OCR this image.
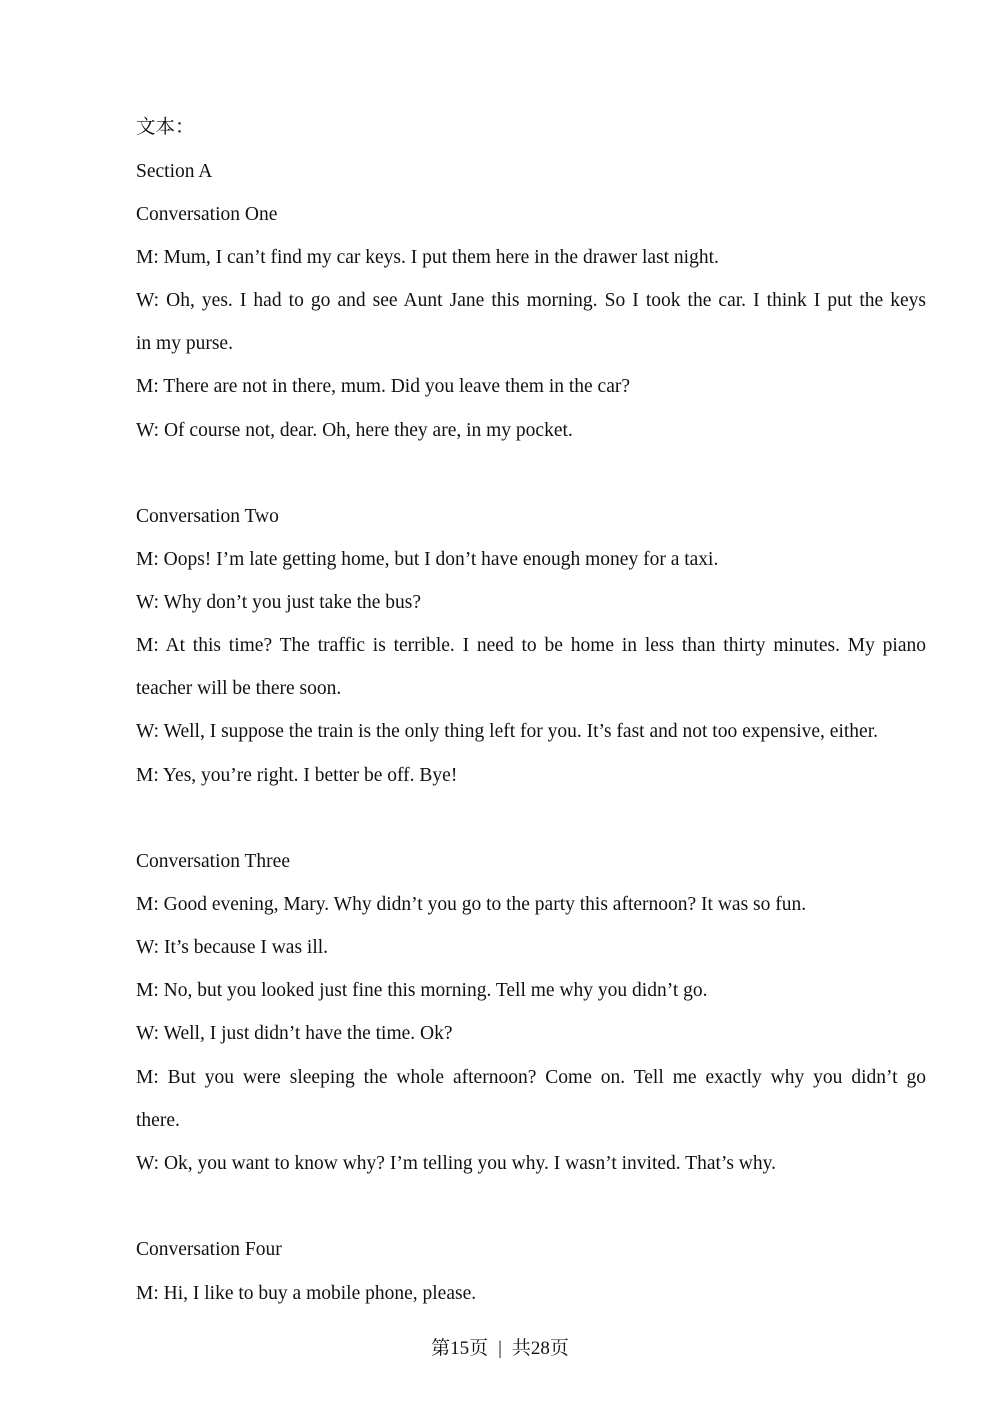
文本：
Section A
Conversation One
M: Mum, I can’t find my car keys. I put them here in the drawer last night.
W: Oh, yes. I had to go and see Aunt Jane this morning. So I took the car. I think I put the keys
in my purse.
M: There are not in there, mum. Did you leave them in the car?
W: Of course not, dear. Oh, here they are, in my pocket.
Conversation Two
M: Oops! I’m late getting home, but I don’t have enough money for a taxi.
W: Why don’t you just take the bus?
M: At this time? The traffic is terrible. I need to be home in less than thirty minutes. My piano
teacher will be there soon.
W: Well, I suppose the train is the only thing left for you. It’s fast and not too expensive, either.
M: Yes, you’re right. I better be off. Bye!
Conversation Three
M: Good evening, Mary. Why didn’t you go to the party this afternoon? It was so fun.
W: It’s because I was ill.
M: No, but you looked just fine this morning. Tell me why you didn’t go.
W: Well, I just didn’t have the time. Ok?
M: But you were sleeping the whole afternoon? Come on. Tell me exactly why you didn’t go
there.
W: Ok, you want to know why? I’m telling you why. I wasn’t invited. That’s why.
Conversation Four
M: Hi, I like to buy a mobile phone, please.
第15页 | 共28页
